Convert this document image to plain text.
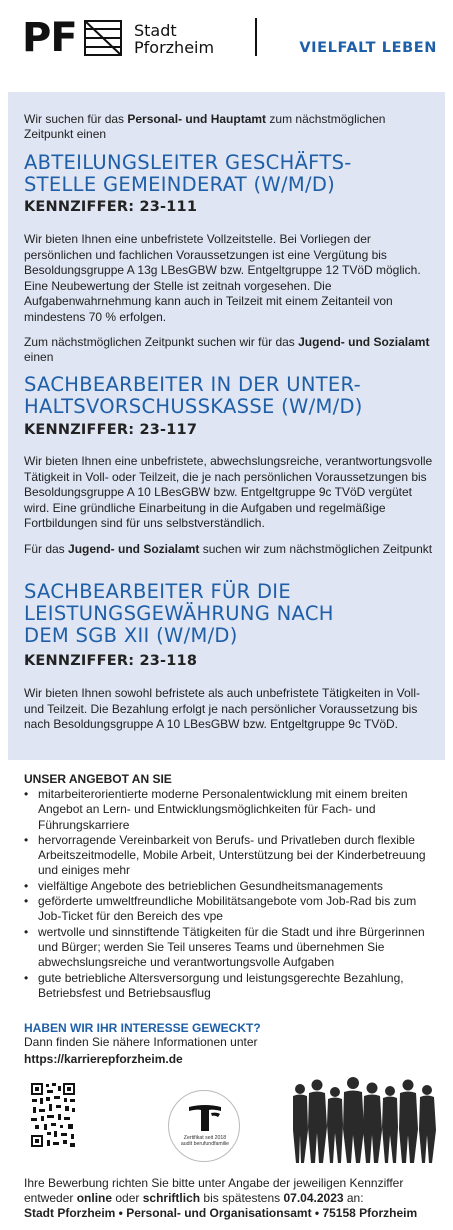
PF	Stadt
Pforzheim	VIELFALT LEBEN
Wir suchen für das Personal- und Hauptamt zum nächstmöglichen Zeitpunkt einen
ABTEILUNGSLEITER GESCHÄFTS-
STELLE GEMEINDERAT (W/M/D)
KENNZIFFER: 23-111
Wir bieten Ihnen eine unbefristete Vollzeitstelle. Bei Vorliegen der persönlichen und fachlichen Voraussetzungen ist eine Vergütung bis Besoldungsgruppe A 13g LBesGBW bzw. Entgeltgruppe 12 TVöD möglich. Eine Neubewertung der Stelle ist zeitnah vorgesehen. Die Aufgabenwahrnehmung kann auch in Teilzeit mit einem Zeitanteil von mindestens 70 % erfolgen.
Zum nächstmöglichen Zeitpunkt suchen wir für das Jugend- und Sozialamt einen
SACHBEARBEITER IN DER UNTER-
HALTSVORSCHUSSKASSE (W/M/D)
KENNZIFFER: 23-117
Wir bieten Ihnen eine unbefristete, abwechslungsreiche, verantwortungsvolle Tätigkeit in Voll- oder Teilzeit, die je nach persönlichen Voraussetzungen bis Besoldungsgruppe A 10 LBesGBW bzw. Entgeltgruppe 9c TVöD vergütet wird. Eine gründliche Einarbeitung in die Aufgaben und regelmäßige Fortbildungen sind für uns selbstverständlich.
Für das Jugend- und Sozialamt suchen wir zum nächstmöglichen Zeitpunkt
SACHBEARBEITER FÜR DIE
LEISTUNGSGEWÄHRUNG NACH
DEM SGB XII (W/M/D)
KENNZIFFER: 23-118
Wir bieten Ihnen sowohl befristete als auch unbefristete Tätigkeiten in Voll- und Teilzeit. Die Bezahlung erfolgt je nach persönlicher Voraussetzung bis nach Besoldungsgruppe A 10 LBesGBW bzw. Entgeltgruppe 9c TVöD.
UNSER ANGEBOT AN SIE
• mitarbeiterorientierte moderne Personalentwicklung mit einem breiten Angebot an Lern- und Entwicklungsmöglichkeiten für Fach- und Führungskarriere
• hervorragende Vereinbarkeit von Berufs- und Privatleben durch flexible Arbeitszeitmodelle, Mobile Arbeit, Unterstützung bei der Kinderbetreuung und einiges mehr
• vielfältige Angebote des betrieblichen Gesundheitsmanagements
• geförderte umweltfreundliche Mobilitätsangebote vom Job-Rad bis zum Job-Ticket für den Bereich des vpe
• wertvolle und sinnstiftende Tätigkeiten für die Stadt und ihre Bürgerinnen und Bürger; werden Sie Teil unseres Teams und übernehmen Sie abwechslungsreiche und verantwortungsvolle Aufgaben
• gute betriebliche Altersversorgung und leistungsgerechte Bezahlung, Betriebsfest und Betriebsausflug
HABEN WIR IHR INTERESSE GEWECKT?
Dann finden Sie nähere Informationen unter
https://karrierepforzheim.de
Zertifikat seit 2018
audit berufundfamilie
Ihre Bewerbung richten Sie bitte unter Angabe der jeweiligen Kennziffer entweder online oder schriftlich bis spätestens 07.04.2023 an:
Stadt Pforzheim • Personal- und Organisationsamt • 75158 Pforzheim
